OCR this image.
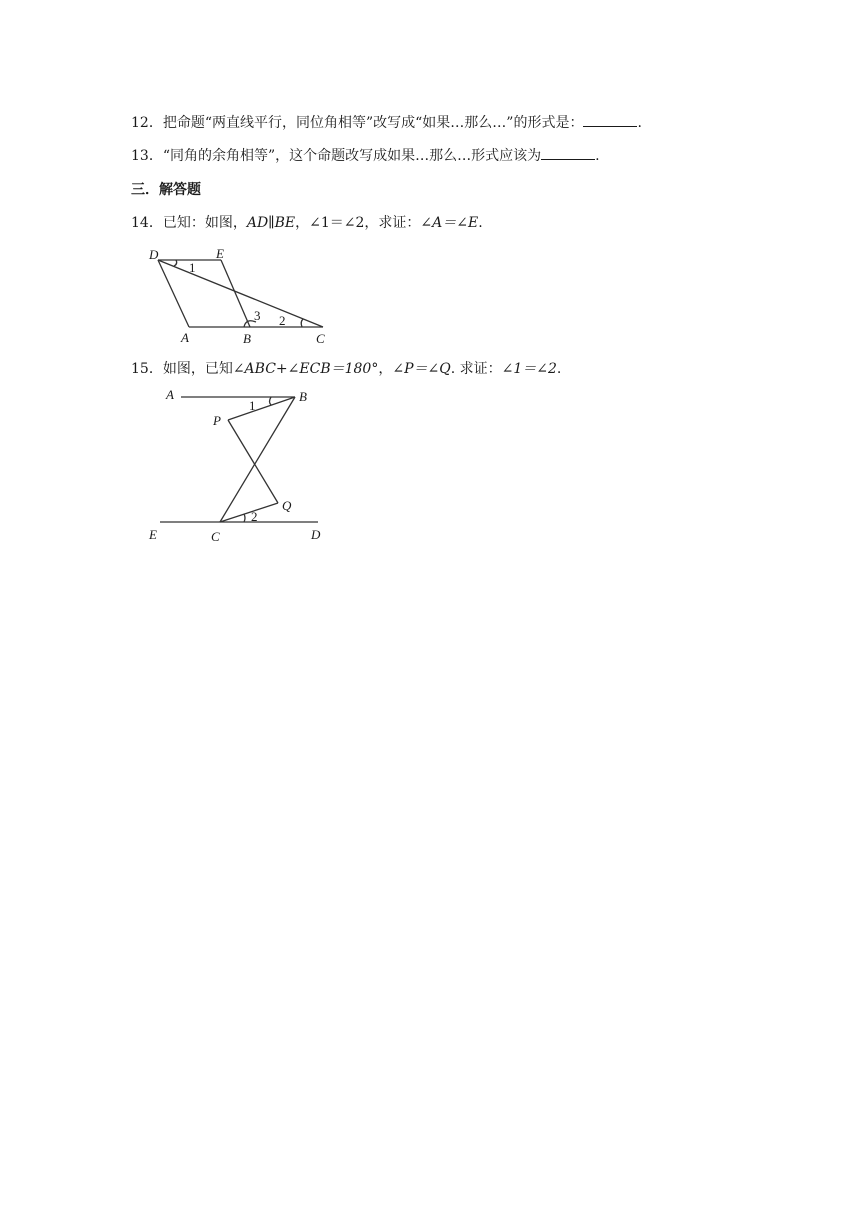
12．把命题“两直线平行，同位角相等”改写成“如果…那么…”的形式是：	.
13．“同角的余角相等”，这个命题改写成如果…那么…形式应该为	.
三．解答题
14．已知：如图，AD∥BE，∠1＝∠2，求证：∠A＝∠E.
D	E
A	B	C
1
2
3
15．如图，已知∠ABC+∠ECB＝180°，∠P＝∠Q. 求证：∠1＝∠2.
A	B
P
Q
E	C	D
1
2
